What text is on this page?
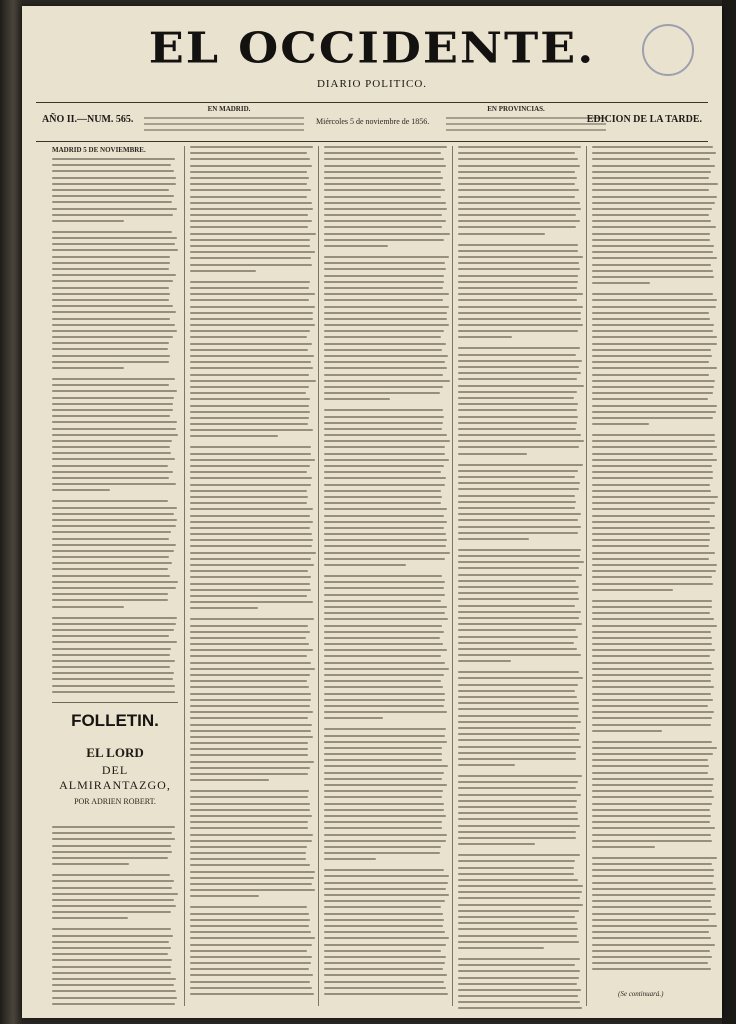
EL OCCIDENTE.
DIARIO POLITICO.
AÑO II.—NUM. 565.
EN MADRID.
Miércoles 5 de noviembre de 1856.
EN PROVINCIAS.
EDICION DE LA TARDE.
MADRID 5 DE NOVIEMBRE.
FOLLETIN.
EL LORD
DEL ALMIRANTAZGO,
POR ADRIEN ROBERT.
(Se continuará.)
